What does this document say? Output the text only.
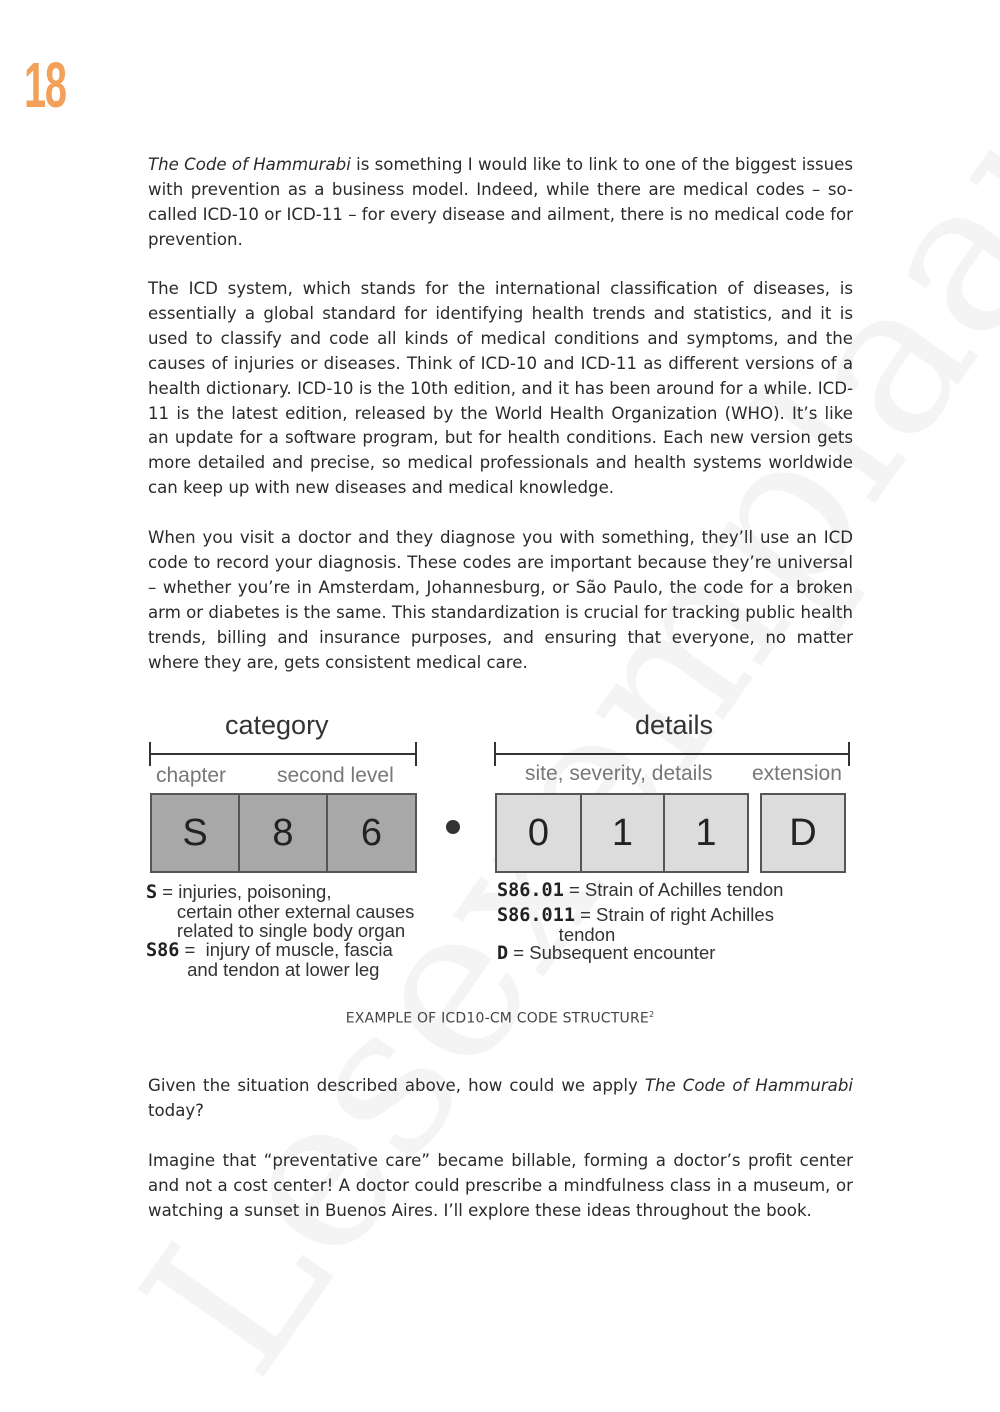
18

The Code of Hammurabi is something I would like to link to one of the biggest issues with prevention as a business model. Indeed, while there are medical codes – so-called ICD-10 or ICD-11 – for every disease and ailment, there is no medical code for prevention.

The ICD system, which stands for the international classification of diseases, is essentially a global standard for identifying health trends and statistics, and it is used to classify and code all kinds of medical conditions and symptoms, and the causes of injuries or diseases. Think of ICD-10 and ICD-11 as different versions of a health dictionary. ICD-10 is the 10th edition, and it has been around for a while. ICD-11 is the latest edition, released by the World Health Organization (WHO). It’s like an update for a software program, but for health conditions. Each new version gets more detailed and precise, so medical professionals and health systems worldwide can keep up with new diseases and medical knowledge.

When you visit a doctor and they diagnose you with something, they’ll use an ICD code to record your diagnosis. These codes are important because they’re universal – whether you’re in Amsterdam, Johannesburg, or São Paulo, the code for a broken arm or diabetes is the same. This standardization is crucial for tracking public health trends, billing and insurance purposes, and ensuring that everyone, no matter where they are, gets consistent medical care.

category	details
chapter second level	site, severity, details extension
S	8	6	0	1	1	D
S = injuries, poisoning,
certain other external causes
related to single body organ
S86 =  injury of muscle, fascia
and tendon at lower leg
S86.01 = Strain of Achilles tendon
S86.011 = Strain of right Achilles
tendon
D = Subsequent encounter
EXAMPLE OF ICD10-CM CODE STRUCTURE$^2$

Given the situation described above, how could we apply The Code of Hammurabi today?

Imagine that “preventative care” became billable, forming a doctor’s profit center and not a cost center! A doctor could prescribe a mindfulness class in a museum, or watching a sunset in Buenos Aires. I’ll explore these ideas throughout the book.
